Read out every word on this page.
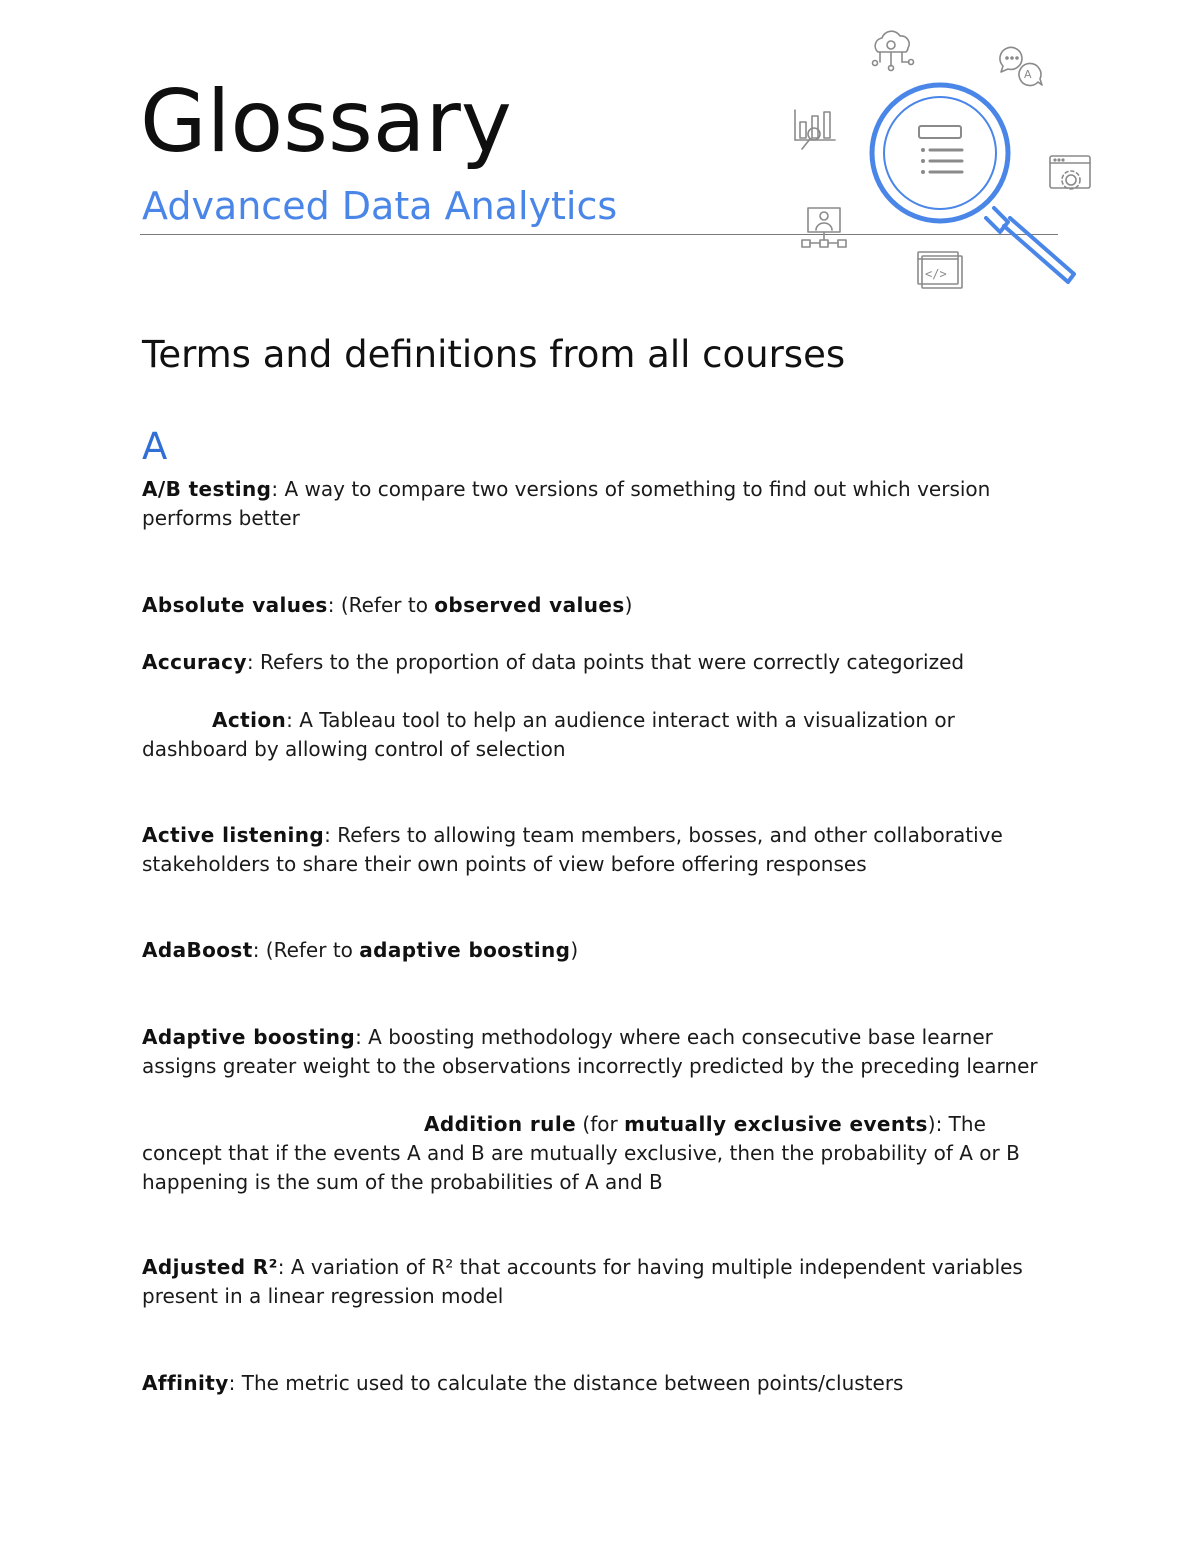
Glossary
Advanced Data Analytics
A
</>
Terms and definitions from all courses
A
A/B testing: A way to compare two versions of something to find out which version performs better
Absolute values: (Refer to observed values)
Accuracy: Refers to the proportion of data points that were correctly categorized
Action: A Tableau tool to help an audience interact with a visualization or dashboard by allowing control of selection
Active listening: Refers to allowing team members, bosses, and other collaborative stakeholders to share their own points of view before offering responses
AdaBoost: (Refer to adaptive boosting)
Adaptive boosting: A boosting methodology where each consecutive base learner assigns greater weight to the observations incorrectly predicted by the preceding learner
Addition rule (for mutually exclusive events): The concept that if the events A and B are mutually exclusive, then the probability of A or B happening is the sum of the probabilities of A and B
Adjusted R²: A variation of R² that accounts for having multiple independent variables present in a linear regression model
Affinity: The metric used to calculate the distance between points/clusters
